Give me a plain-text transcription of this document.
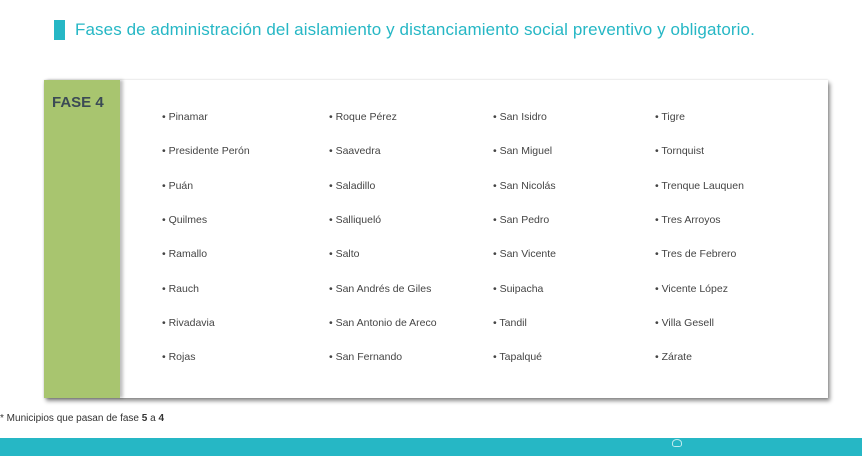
Fases de administración del aislamiento y distanciamiento social preventivo y obligatorio.
FASE 4
• Pinamar	• Roque Pérez	• San Isidro	• Tigre
• Presidente Perón	• Saavedra	• San Miguel	• Tornquist
• Puán	• Saladillo	• San Nicolás	• Trenque Lauquen
• Quilmes	• Salliqueló	• San Pedro	• Tres Arroyos
• Ramallo	• Salto	• San Vicente	• Tres de Febrero
• Rauch	• San Andrés de Giles	• Suipacha	• Vicente López
• Rivadavia	• San Antonio de Areco	• Tandil	• Villa Gesell
• Rojas	• San Fernando	• Tapalqué	• Zárate
* Municipios que pasan de fase 5 a 4
